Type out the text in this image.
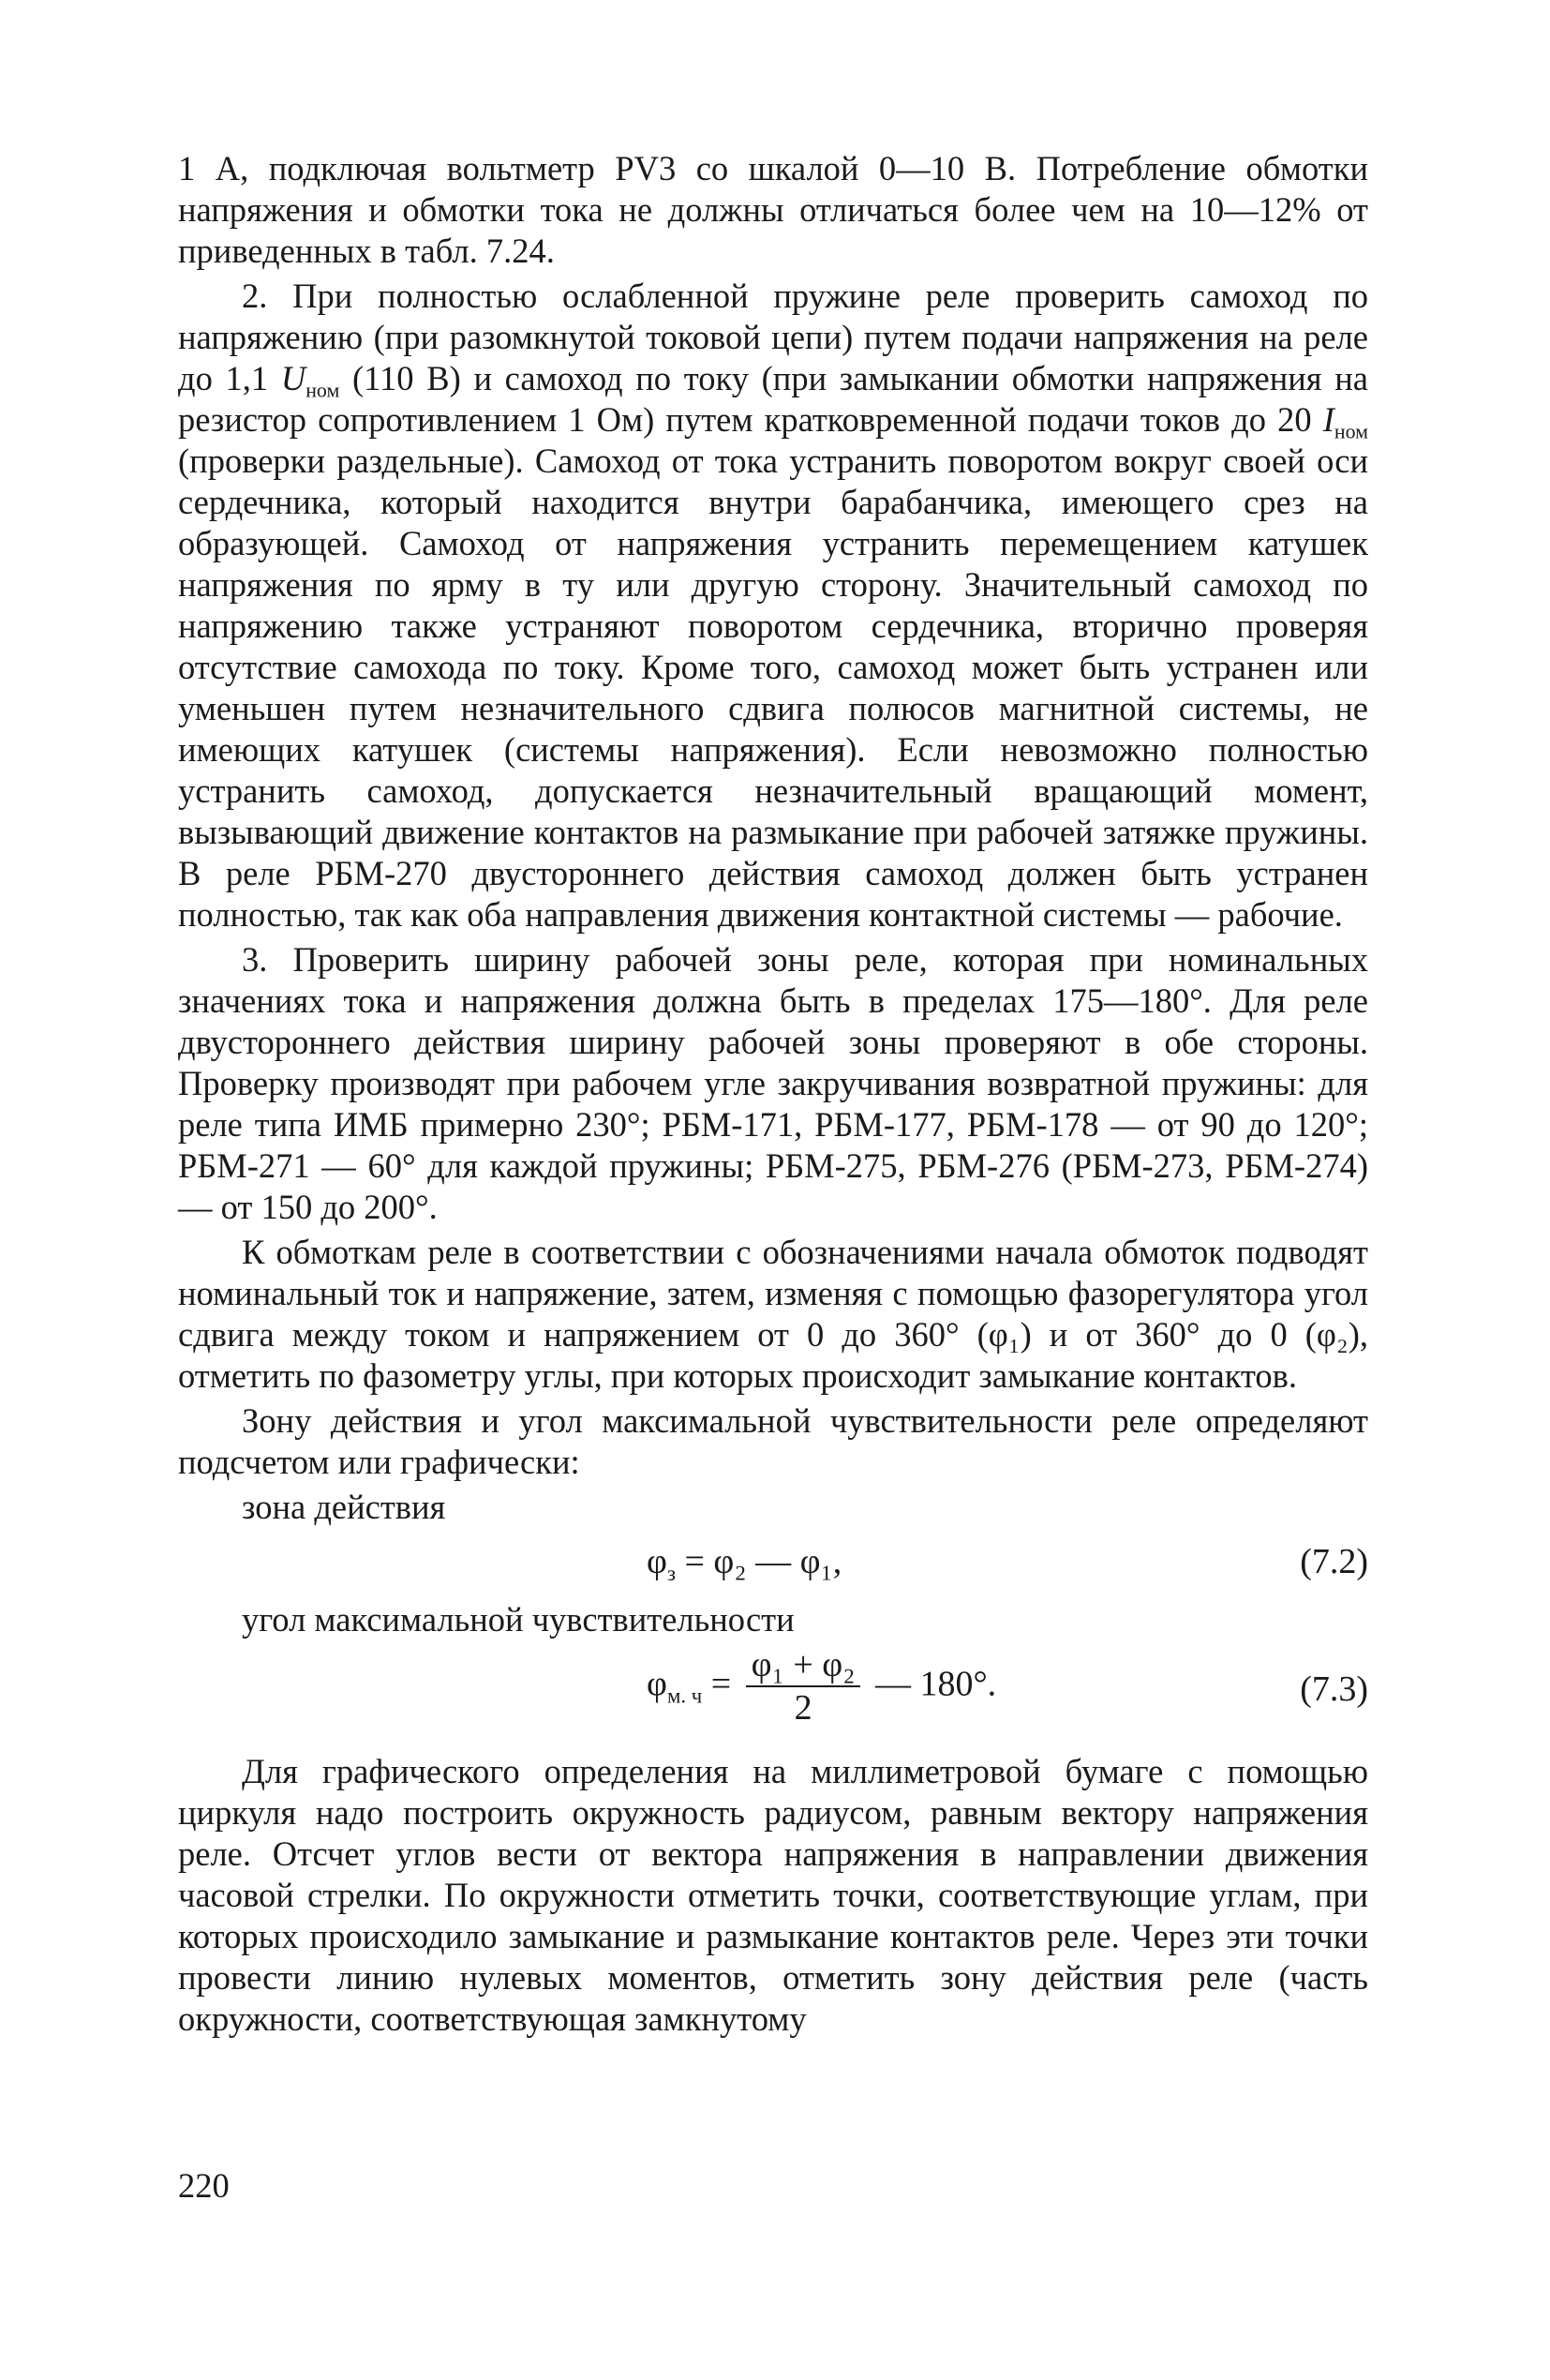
1 А, подключая вольтметр PV3 со шкалой 0—10 В. Потребление обмотки напряжения и обмотки тока не должны отличаться более чем на 10—12% от приведенных в табл. 7.24.

2. При полностью ослабленной пружине реле проверить самоход по напряжению (при разомкнутой токовой цепи) путем подачи напряжения на реле до 1,1 $U_{ном}$ (110 В) и самоход по току (при замыкании обмотки напряжения на резистор сопротивлением 1 Ом) путем кратковременной подачи токов до 20 $I_{ном}$ (проверки раздельные). Самоход от тока устранить поворотом вокруг своей оси сердечника, который находится внутри барабанчика, имеющего срез на образующей. Самоход от напряжения устранить перемещением катушек напряжения по ярму в ту или другую сторону. Значительный самоход по напряжению также устраняют поворотом сердечника, вторично проверяя отсутствие самохода по току. Кроме того, самоход может быть устранен или уменьшен путем незначительного сдвига полюсов магнитной системы, не имеющих катушек (системы напряжения). Если невозможно полностью устранить самоход, допускается незначительный вращающий момент, вызывающий движение контактов на размыкание при рабочей затяжке пружины. В реле РБМ-270 двустороннего действия самоход должен быть устранен полностью, так как оба направления движения контактной системы — рабочие.

3. Проверить ширину рабочей зоны реле, которая при номинальных значениях тока и напряжения должна быть в пределах 175—180°. Для реле двустороннего действия ширину рабочей зоны проверяют в обе стороны. Проверку производят при рабочем угле закручивания возвратной пружины: для реле типа ИМБ примерно 230°; РБМ-171, РБМ-177, РБМ-178 — от 90 до 120°; РБМ-271 — 60° для каждой пружины; РБМ-275, РБМ-276 (РБМ-273, РБМ-274) — от 150 до 200°.

К обмоткам реле в соответствии с обозначениями начала обмоток подводят номинальный ток и напряжение, затем, изменяя с помощью фазорегулятора угол сдвига между током и напряжением от 0 до 360° (φ₁) и от 360° до 0 (φ₂), отметить по фазометру углы, при которых происходит замыкание контактов.

Зону действия и угол максимальной чувствительности реле определяют подсчетом или графически:

зона действия

$\varphi_з = \varphi_2$ — φ₁,	(7.2)

угол максимальной чувствительности

$\varphi_{м. ч} = \frac{\text{φ₁ + φ₂}}{2}$ — 180°.	(7.3)

Для графического определения на миллиметровой бумаге с помощью циркуля надо построить окружность радиусом, равным вектору напряжения реле. Отсчет углов вести от вектора напряжения в направлении движения часовой стрелки. По окружности отметить точки, соответствующие углам, при которых происходило замыкание и размыкание контактов реле. Через эти точки провести линию нулевых моментов, отметить зону действия реле (часть окружности, соответствующая замкнутому

220
